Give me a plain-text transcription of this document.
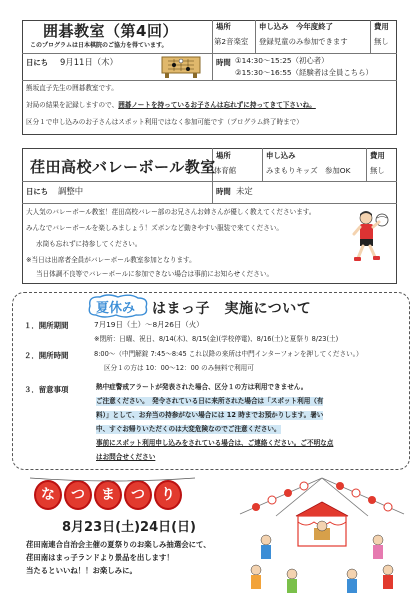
囲碁教室（第4回）
このプログラムは日本棋院のご協力を得ています。
日にち 9月11日（木）
場所
第2音楽室
申し込み　今年度終了
登録児童のみ参加できます
費用
無し
時間 ①14:30～15:25（初心者）
②15:30～16:55（経験者は全員こちら）
熊坂直子先生の囲碁教室です。
対局の結果を記録しますので、囲碁ノートを持っているお子さんは忘れずに持ってきて下さいね。
区分１で申し込みのお子さんはスポット利用ではなく参加可能です（プログラム終了時まで）
荏田高校バレーボール教室
日にち 調整中
場所
体育館
申し込み
みまもりキッズ　参加OK
費用
無し
時間 未定
大人気のバレーボール教室！荏田高校バレー部のお兄さんお姉さんが優しく教えてくださいます。
みんなでバレーボールを楽しみましょう！ズボンなど動きやすい服装で来てください。
水筒も忘れずに持参してください。
※当日は出席者全員がバレーボール教室参加となります。
当日体調不良等でバレーボールに参加できない場合は事前にお知らせください。
夏休み はまっ子　実施について
１．開所期間	7月19日（土）～8月26日（火）
※閉所：日曜、祝日、8/14(木)、8/15(金)(学校停電)、8/16(土)と夏祭り 8/23(土)
２．開所時間	8:00～（中門解錠 7:45～8:45 これ以降の来所は中門インターフォンを押してください。）
区分１の方は 10：00～12：00 のみ無料で利用可
３．留意事項	熱中症警戒アラートが発表された場合、区分１の方は利用できません。
ご注意ください。　発令されている日に来所された場合は「スポット利用（有
料）」として、お弁当の持参がない場合には 12 時までお預かりします。暑い
中、すぐお帰りいただくのは大変危険なのでご注意ください。
事前にスポット利用申し込みをされている場合は、ご連絡ください。ご不明な点
はお問合せください
な	つ	ま	つ	り
8月23日(土)24日(日)
荏田南連合自治会主催の夏祭りのお楽しみ抽選会にて、
荏田南はまっ子ランドより景品を出します！
当たるといいね！！お楽しみに。
